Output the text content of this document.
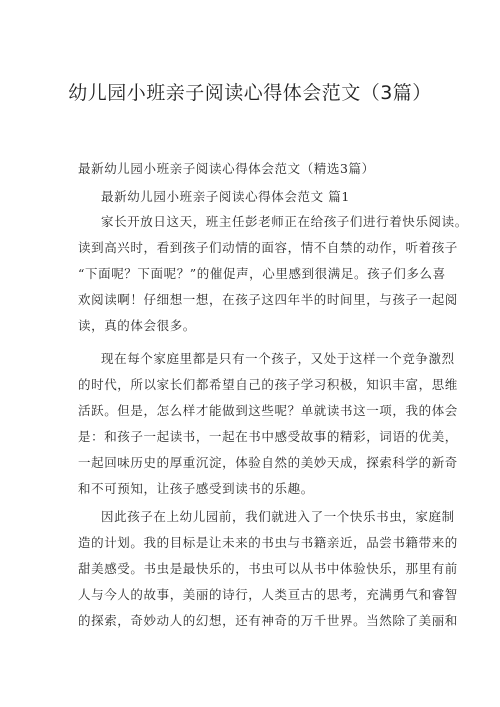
幼儿园小班亲子阅读心得体会范文（3篇）
最新幼儿园小班亲子阅读心得体会范文（精选3篇）
最新幼儿园小班亲子阅读心得体会范文 篇1
家长开放日这天，班主任彭老师正在给孩子们进行着快乐阅读。
读到高兴时，看到孩子们动情的面容，情不自禁的动作，听着孩子
“下面呢？下面呢？”的催促声，心里感到很满足。孩子们多么喜
欢阅读啊！仔细想一想，在孩子这四年半的时间里，与孩子一起阅
读，真的体会很多。
现在每个家庭里都是只有一个孩子，又处于这样一个竞争激烈
的时代，所以家长们都希望自己的孩子学习积极，知识丰富，思维
活跃。但是，怎么样才能做到这些呢？单就读书这一项，我的体会
是：和孩子一起读书，一起在书中感受故事的精彩，词语的优美，
一起回味历史的厚重沉淀，体验自然的美妙天成，探索科学的新奇
和不可预知，让孩子感受到读书的乐趣。
因此孩子在上幼儿园前，我们就进入了一个快乐书虫，家庭制
造的计划。我的目标是让未来的书虫与书籍亲近，品尝书籍带来的
甜美感受。书虫是最快乐的，书虫可以从书中体验快乐，那里有前
人与今人的故事，美丽的诗行，人类亘古的思考，充满勇气和睿智
的探索，奇妙动人的幻想，还有神奇的万千世界。当然除了美丽和
